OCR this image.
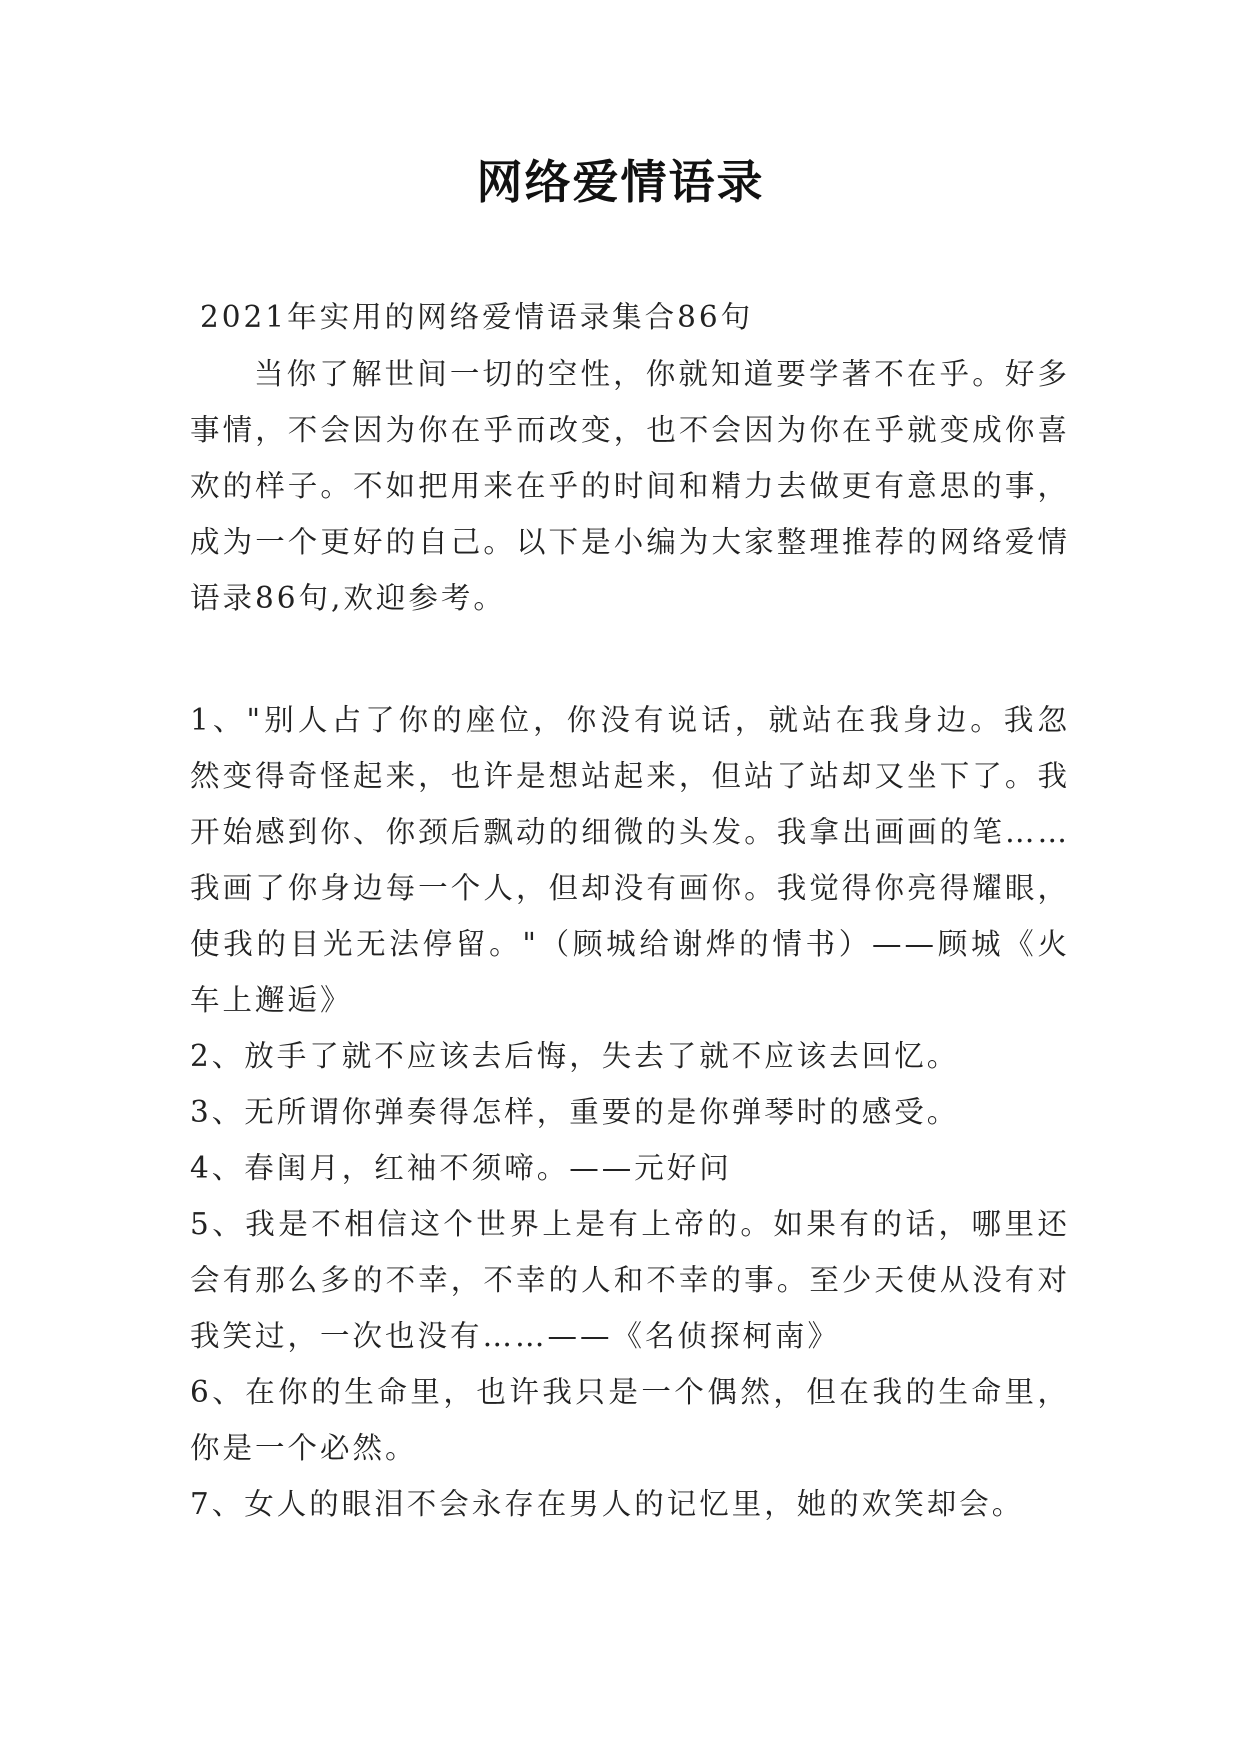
网络爱情语录
2021年实用的网络爱情语录集合86句
当你了解世间一切的空性，你就知道要学著不在乎。好多事情，不会因为你在乎而改变，也不会因为你在乎就变成你喜欢的样子。不如把用来在乎的时间和精力去做更有意思的事，成为一个更好的自己。以下是小编为大家整理推荐的网络爱情语录86句,欢迎参考。
1、"别人占了你的座位，你没有说话，就站在我身边。我忽然变得奇怪起来，也许是想站起来，但站了站却又坐下了。我开始感到你、你颈后飘动的细微的头发。我拿出画画的笔……我画了你身边每一个人，但却没有画你。我觉得你亮得耀眼，使我的目光无法停留。"（顾城给谢烨的情书）——顾城《火车上邂逅》
2、放手了就不应该去后悔，失去了就不应该去回忆。
3、无所谓你弹奏得怎样，重要的是你弹琴时的感受。
4、春闺月，红袖不须啼。——元好问
5、我是不相信这个世界上是有上帝的。如果有的话，哪里还会有那么多的不幸，不幸的人和不幸的事。至少天使从没有对我笑过，一次也没有……——《名侦探柯南》
6、在你的生命里，也许我只是一个偶然，但在我的生命里，你是一个必然。
7、女人的眼泪不会永存在男人的记忆里，她的欢笑却会。
